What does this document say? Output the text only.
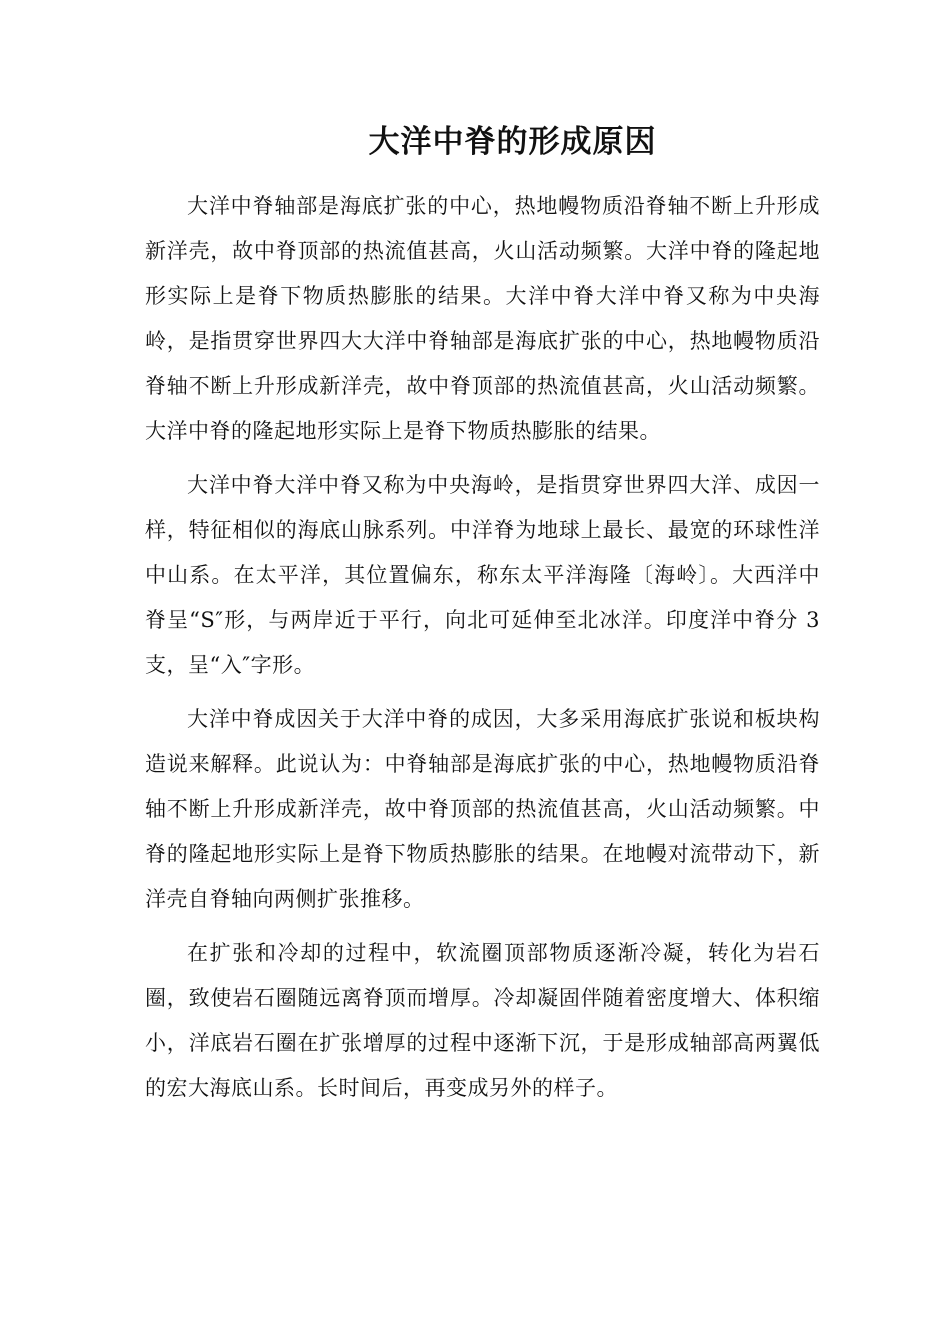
大洋中脊的形成原因

大洋中脊轴部是海底扩张的中心，热地幔物质沿脊轴不断上升形成新洋壳，故中脊顶部的热流值甚高，火山活动频繁。大洋中脊的隆起地形实际上是脊下物质热膨胀的结果。大洋中脊大洋中脊又称为中央海岭，是指贯穿世界四大大洋中脊轴部是海底扩张的中心，热地幔物质沿脊轴不断上升形成新洋壳，故中脊顶部的热流值甚高，火山活动频繁。大洋中脊的隆起地形实际上是脊下物质热膨胀的结果。

大洋中脊大洋中脊又称为中央海岭，是指贯穿世界四大洋、成因一样，特征相似的海底山脉系列。中洋脊为地球上最长、最宽的环球性洋中山系。在太平洋，其位置偏东，称东太平洋海隆〔海岭〕。大西洋中脊呈“S″形，与两岸近于平行，向北可延伸至北冰洋。印度洋中脊分 3 支，呈“入″字形。

大洋中脊成因关于大洋中脊的成因，大多采用海底扩张说和板块构造说来解释。此说认为：中脊轴部是海底扩张的中心，热地幔物质沿脊轴不断上升形成新洋壳，故中脊顶部的热流值甚高，火山活动频繁。中脊的隆起地形实际上是脊下物质热膨胀的结果。在地幔对流带动下，新洋壳自脊轴向两侧扩张推移。

在扩张和冷却的过程中，软流圈顶部物质逐渐冷凝，转化为岩石圈，致使岩石圈随远离脊顶而增厚。冷却凝固伴随着密度增大、体积缩小，洋底岩石圈在扩张增厚的过程中逐渐下沉，于是形成轴部高两翼低的宏大海底山系。长时间后，再变成另外的样子。
